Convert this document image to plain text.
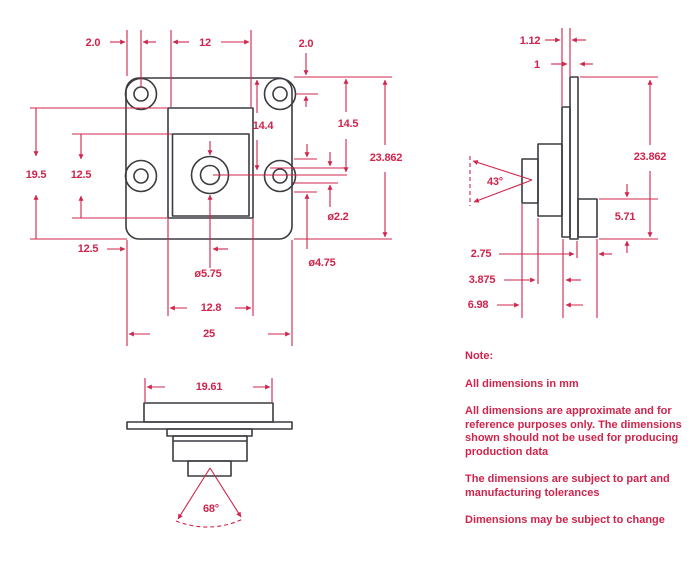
2.0	12	2.0
14.4	14.5
23.862
19.5 12.5
12.5
ø5.75
12.8
25
ø2.2
ø4.75
1.12
1
23.862
43°
5.71
2.75
3.875
6.98
19.61
68°
Note:
All dimensions in mm
All dimensions are approximate and for
reference purposes only. The dimensions
shown should not be used for producing
production data
The dimensions are subject to part and
manufacturing tolerances
Dimensions may be subject to change
